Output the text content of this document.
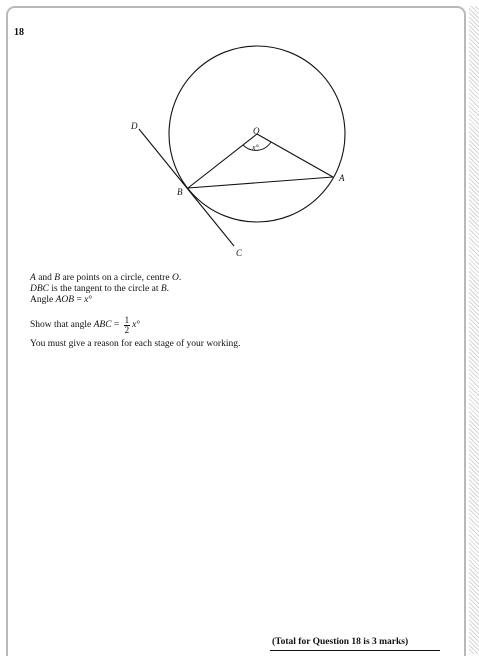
18
O
A
B
C
D
x°
A and B are points on a circle, centre O.
DBC is the tangent to the circle at B.
Angle AOB = x°
Show that angle ABC = $\frac{1}{2}$ x °
You must give a reason for each stage of your working.
(Total for Question 18 is 3 marks)
